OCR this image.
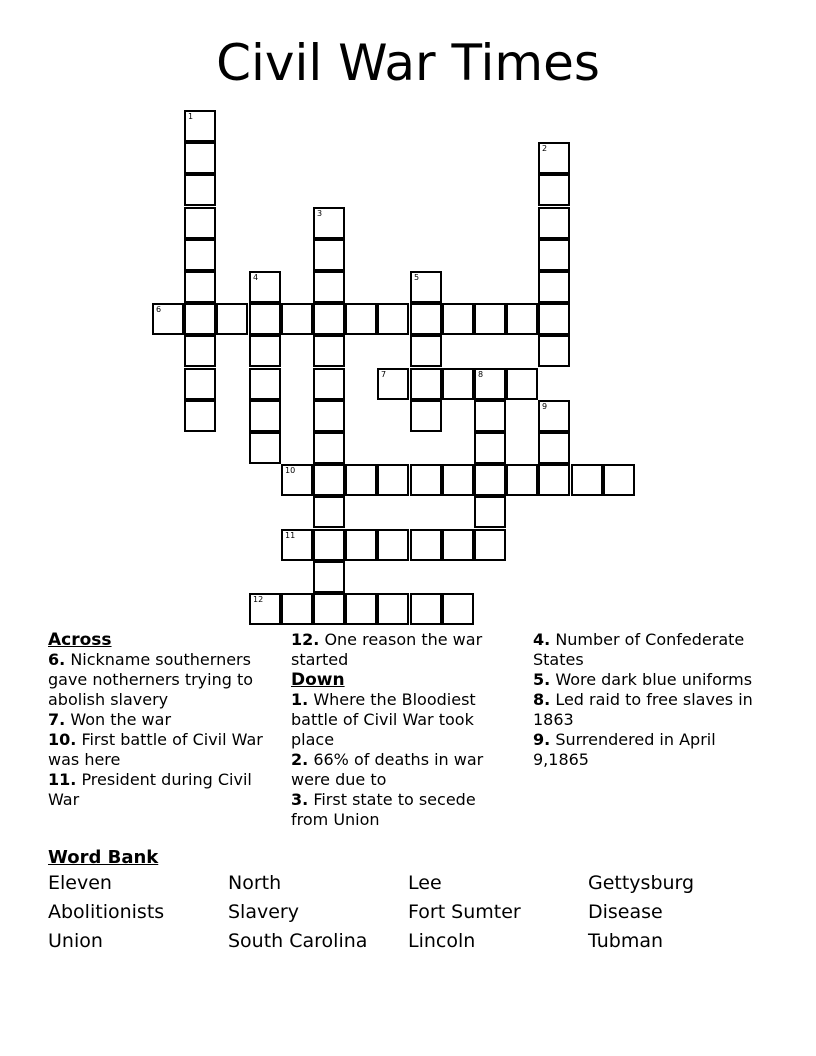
Civil War Times
1
2
3
4	5
6
7	8
9
10
11
12

Across

6. Nickname southerners gave notherners trying to abolish slavery

7. Won the war

10. First battle of Civil War was here

11. President during Civil War

12. One reason the war started

Down

1. Where the Bloodiest battle of Civil War took place

2. 66% of deaths in war were due to

3. First state to secede from Union

4. Number of Confederate States

5. Wore dark blue uniforms

8. Led raid to free slaves in 1863

9. Surrendered in April 9,1865

Word Bank

Eleven	North	Lee	Gettysburg
Abolitionists	Slavery	Fort Sumter	Disease
Union	South Carolina	Lincoln	Tubman
